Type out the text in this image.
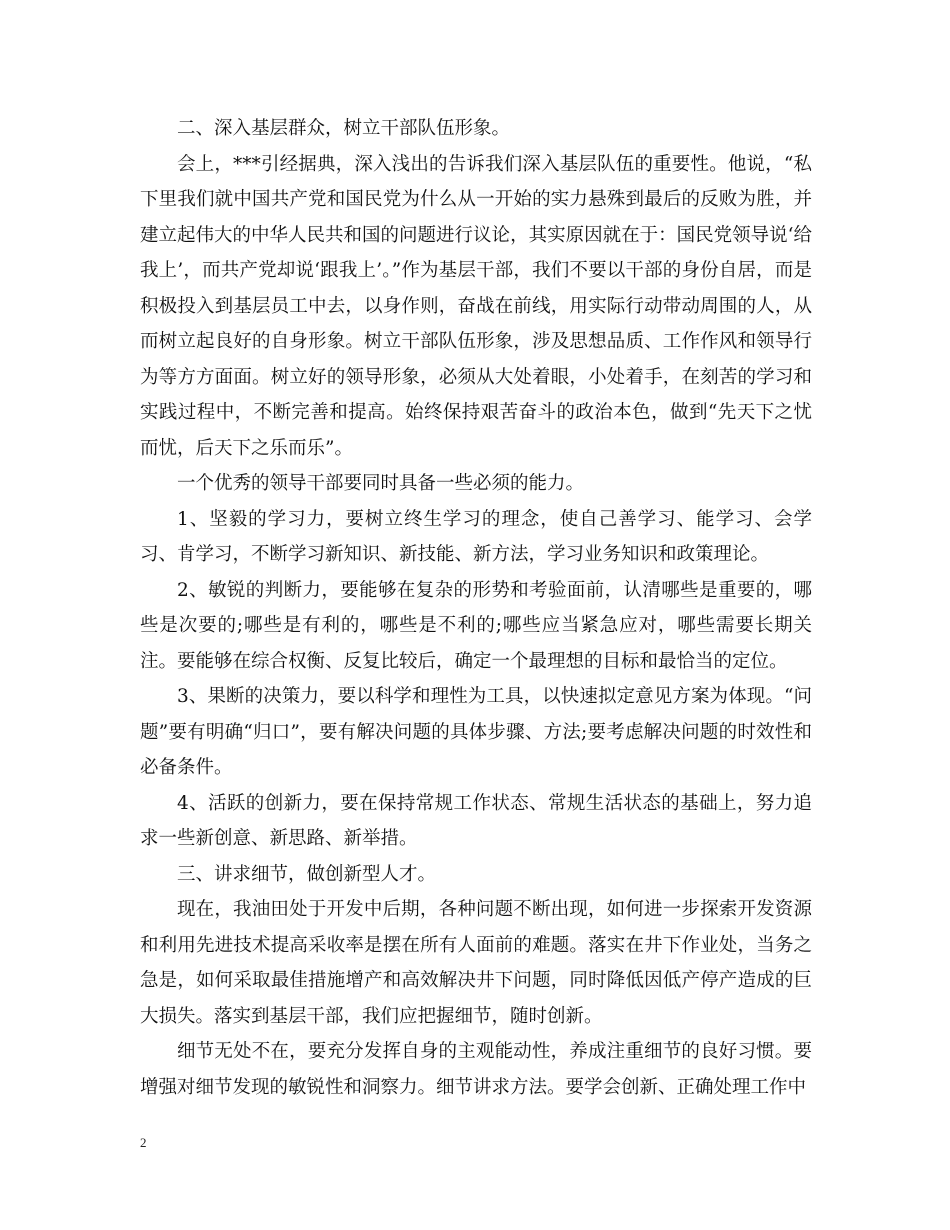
二、深入基层群众，树立干部队伍形象。

会上，***引经据典，深入浅出的告诉我们深入基层队伍的重要性。他说，“私下里我们就中国共产党和国民党为什么从一开始的实力悬殊到最后的反败为胜，并建立起伟大的中华人民共和国的问题进行议论，其实原因就在于：国民党领导说‘给我上’，而共产党却说‘跟我上’。”作为基层干部，我们不要以干部的身份自居，而是积极投入到基层员工中去，以身作则，奋战在前线，用实际行动带动周围的人，从而树立起良好的自身形象。树立干部队伍形象，涉及思想品质、工作作风和领导行为等方方面面。树立好的领导形象，必须从大处着眼，小处着手，在刻苦的学习和实践过程中，不断完善和提高。始终保持艰苦奋斗的政治本色，做到“先天下之忧而忧，后天下之乐而乐”。

一个优秀的领导干部要同时具备一些必须的能力。

1、坚毅的学习力，要树立终生学习的理念，使自己善学习、能学习、会学习、肯学习，不断学习新知识、新技能、新方法，学习业务知识和政策理论。

2、敏锐的判断力，要能够在复杂的形势和考验面前，认清哪些是重要的，哪些是次要的;哪些是有利的，哪些是不利的;哪些应当紧急应对，哪些需要长期关注。要能够在综合权衡、反复比较后，确定一个最理想的目标和最恰当的定位。

3、果断的决策力，要以科学和理性为工具，以快速拟定意见方案为体现。“问题”要有明确“归口”，要有解决问题的具体步骤、方法;要考虑解决问题的时效性和必备条件。

4、活跃的创新力，要在保持常规工作状态、常规生活状态的基础上，努力追求一些新创意、新思路、新举措。

三、讲求细节，做创新型人才。

现在，我油田处于开发中后期，各种问题不断出现，如何进一步探索开发资源和利用先进技术提高采收率是摆在所有人面前的难题。落实在井下作业处，当务之急是，如何采取最佳措施增产和高效解决井下问题，同时降低因低产停产造成的巨大损失。落实到基层干部，我们应把握细节，随时创新。

细节无处不在，要充分发挥自身的主观能动性，养成注重细节的良好习惯。要增强对细节发现的敏锐性和洞察力。细节讲求方法。要学会创新、正确处理工作中

2
